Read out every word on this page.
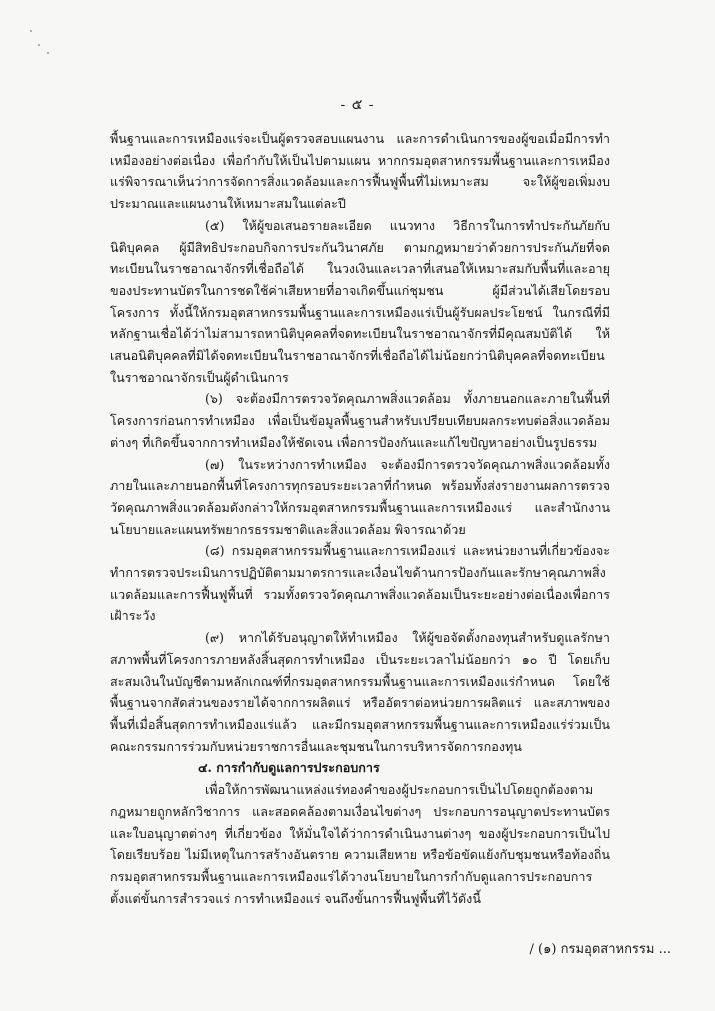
- ๕ -

พื้นฐานและการเหมืองแร่จะเป็นผู้ตรวจสอบแผนงาน และการดำเนินการของผู้ขอเมื่อมีการทำเหมืองอย่างต่อเนื่อง เพื่อกำกับให้เป็นไปตามแผน หากกรมอุตสาหกรรมพื้นฐานและการเหมืองแร่พิจารณาเห็นว่าการจัดการสิ่งแวดล้อมและการฟื้นฟูพื้นที่ไม่เหมาะสม จะให้ผู้ขอเพิ่มงบประมาณและแผนงานให้เหมาะสมในแต่ละปี

(๕) ให้ผู้ขอเสนอรายละเอียด แนวทาง วิธีการในการทำประกันภัยกับนิติบุคคล ผู้มีสิทธิประกอบกิจการประกันวินาศภัย ตามกฎหมายว่าด้วยการประกันภัยที่จดทะเบียนในราชอาณาจักรที่เชื่อถือได้ ในวงเงินและเวลาที่เสนอให้เหมาะสมกับพื้นที่และอายุของประทานบัตรในการชดใช้ค่าเสียหายที่อาจเกิดขึ้นแก่ชุมชน ผู้มีส่วนได้เสียโดยรอบโครงการ ทั้งนี้ให้กรมอุตสาหกรรมพื้นฐานและการเหมืองแร่เป็นผู้รับผลประโยชน์ ในกรณีที่มีหลักฐานเชื่อได้ว่าไม่สามารถหานิติบุคคลที่จดทะเบียนในราชอาณาจักรที่มีคุณสมบัติได้ ให้เสนอนิติบุคคลที่มิได้จดทะเบียนในราชอาณาจักรที่เชื่อถือได้ไม่น้อยกว่านิติบุคคลที่จดทะเบียนในราชอาณาจักรเป็นผู้ดำเนินการ

(๖) จะต้องมีการตรวจวัดคุณภาพสิ่งแวดล้อม ทั้งภายนอกและภายในพื้นที่โครงการก่อนการทำเหมือง เพื่อเป็นข้อมูลพื้นฐานสำหรับเปรียบเทียบผลกระทบต่อสิ่งแวดล้อมต่างๆ ที่เกิดขึ้นจากการทำเหมืองให้ชัดเจน เพื่อการป้องกันและแก้ไขปัญหาอย่างเป็นรูปธรรม

(๗) ในระหว่างการทำเหมือง จะต้องมีการตรวจวัดคุณภาพสิ่งแวดล้อมทั้งภายในและภายนอกพื้นที่โครงการทุกรอบระยะเวลาที่กำหนด พร้อมทั้งส่งรายงานผลการตรวจวัดคุณภาพสิ่งแวดล้อมดังกล่าวให้กรมอุตสาหกรรมพื้นฐานและการเหมืองแร่ และสำนักงานนโยบายและแผนทรัพยากรธรรมชาติและสิ่งแวดล้อม พิจารณาด้วย

(๘) กรมอุตสาหกรรมพื้นฐานและการเหมืองแร่ และหน่วยงานที่เกี่ยวข้องจะทำการตรวจประเมินการปฏิบัติตามมาตรการและเงื่อนไขด้านการป้องกันและรักษาคุณภาพสิ่งแวดล้อมและการฟื้นฟูพื้นที่ รวมทั้งตรวจวัดคุณภาพสิ่งแวดล้อมเป็นระยะอย่างต่อเนื่องเพื่อการเฝ้าระวัง

(๙) หากได้รับอนุญาตให้ทำเหมือง ให้ผู้ขอจัดตั้งกองทุนสำหรับดูแลรักษาสภาพพื้นที่โครงการภายหลังสิ้นสุดการทำเหมือง เป็นระยะเวลาไม่น้อยกว่า ๑๐ ปี โดยเก็บสะสมเงินในบัญชีตามหลักเกณฑ์ที่กรมอุตสาหกรรมพื้นฐานและการเหมืองแร่กำหนด โดยใช้พื้นฐานจากสัดส่วนของรายได้จากการผลิตแร่ หรืออัตราต่อหน่วยการผลิตแร่ และสภาพของพื้นที่เมื่อสิ้นสุดการทำเหมืองแร่แล้ว และมีกรมอุตสาหกรรมพื้นฐานและการเหมืองแร่ร่วมเป็นคณะกรรมการร่วมกับหน่วยราชการอื่นและชุมชนในการบริหารจัดการกองทุน

๔. การกำกับดูแลการประกอบการ

เพื่อให้การพัฒนาแหล่งแร่ทองคำของผู้ประกอบการเป็นไปโดยถูกต้องตามกฎหมายถูกหลักวิชาการ และสอดคล้องตามเงื่อนไขต่างๆ ประกอบการอนุญาตประทานบัตร และใบอนุญาตต่างๆ ที่เกี่ยวข้อง ให้มั่นใจได้ว่าการดำเนินงานต่างๆ ของผู้ประกอบการเป็นไปโดยเรียบร้อย ไม่มีเหตุในการสร้างอันตราย ความเสียหาย หรือข้อขัดแย้งกับชุมชนหรือท้องถิ่น กรมอุตสาหกรรมพื้นฐานและการเหมืองแร่ได้วางนโยบายในการกำกับดูแลการประกอบการตั้งแต่ขั้นการสำรวจแร่ การทำเหมืองแร่ จนถึงขั้นการฟื้นฟูพื้นที่ไว้ดังนี้

/ (๑) กรมอุตสาหกรรม ...
